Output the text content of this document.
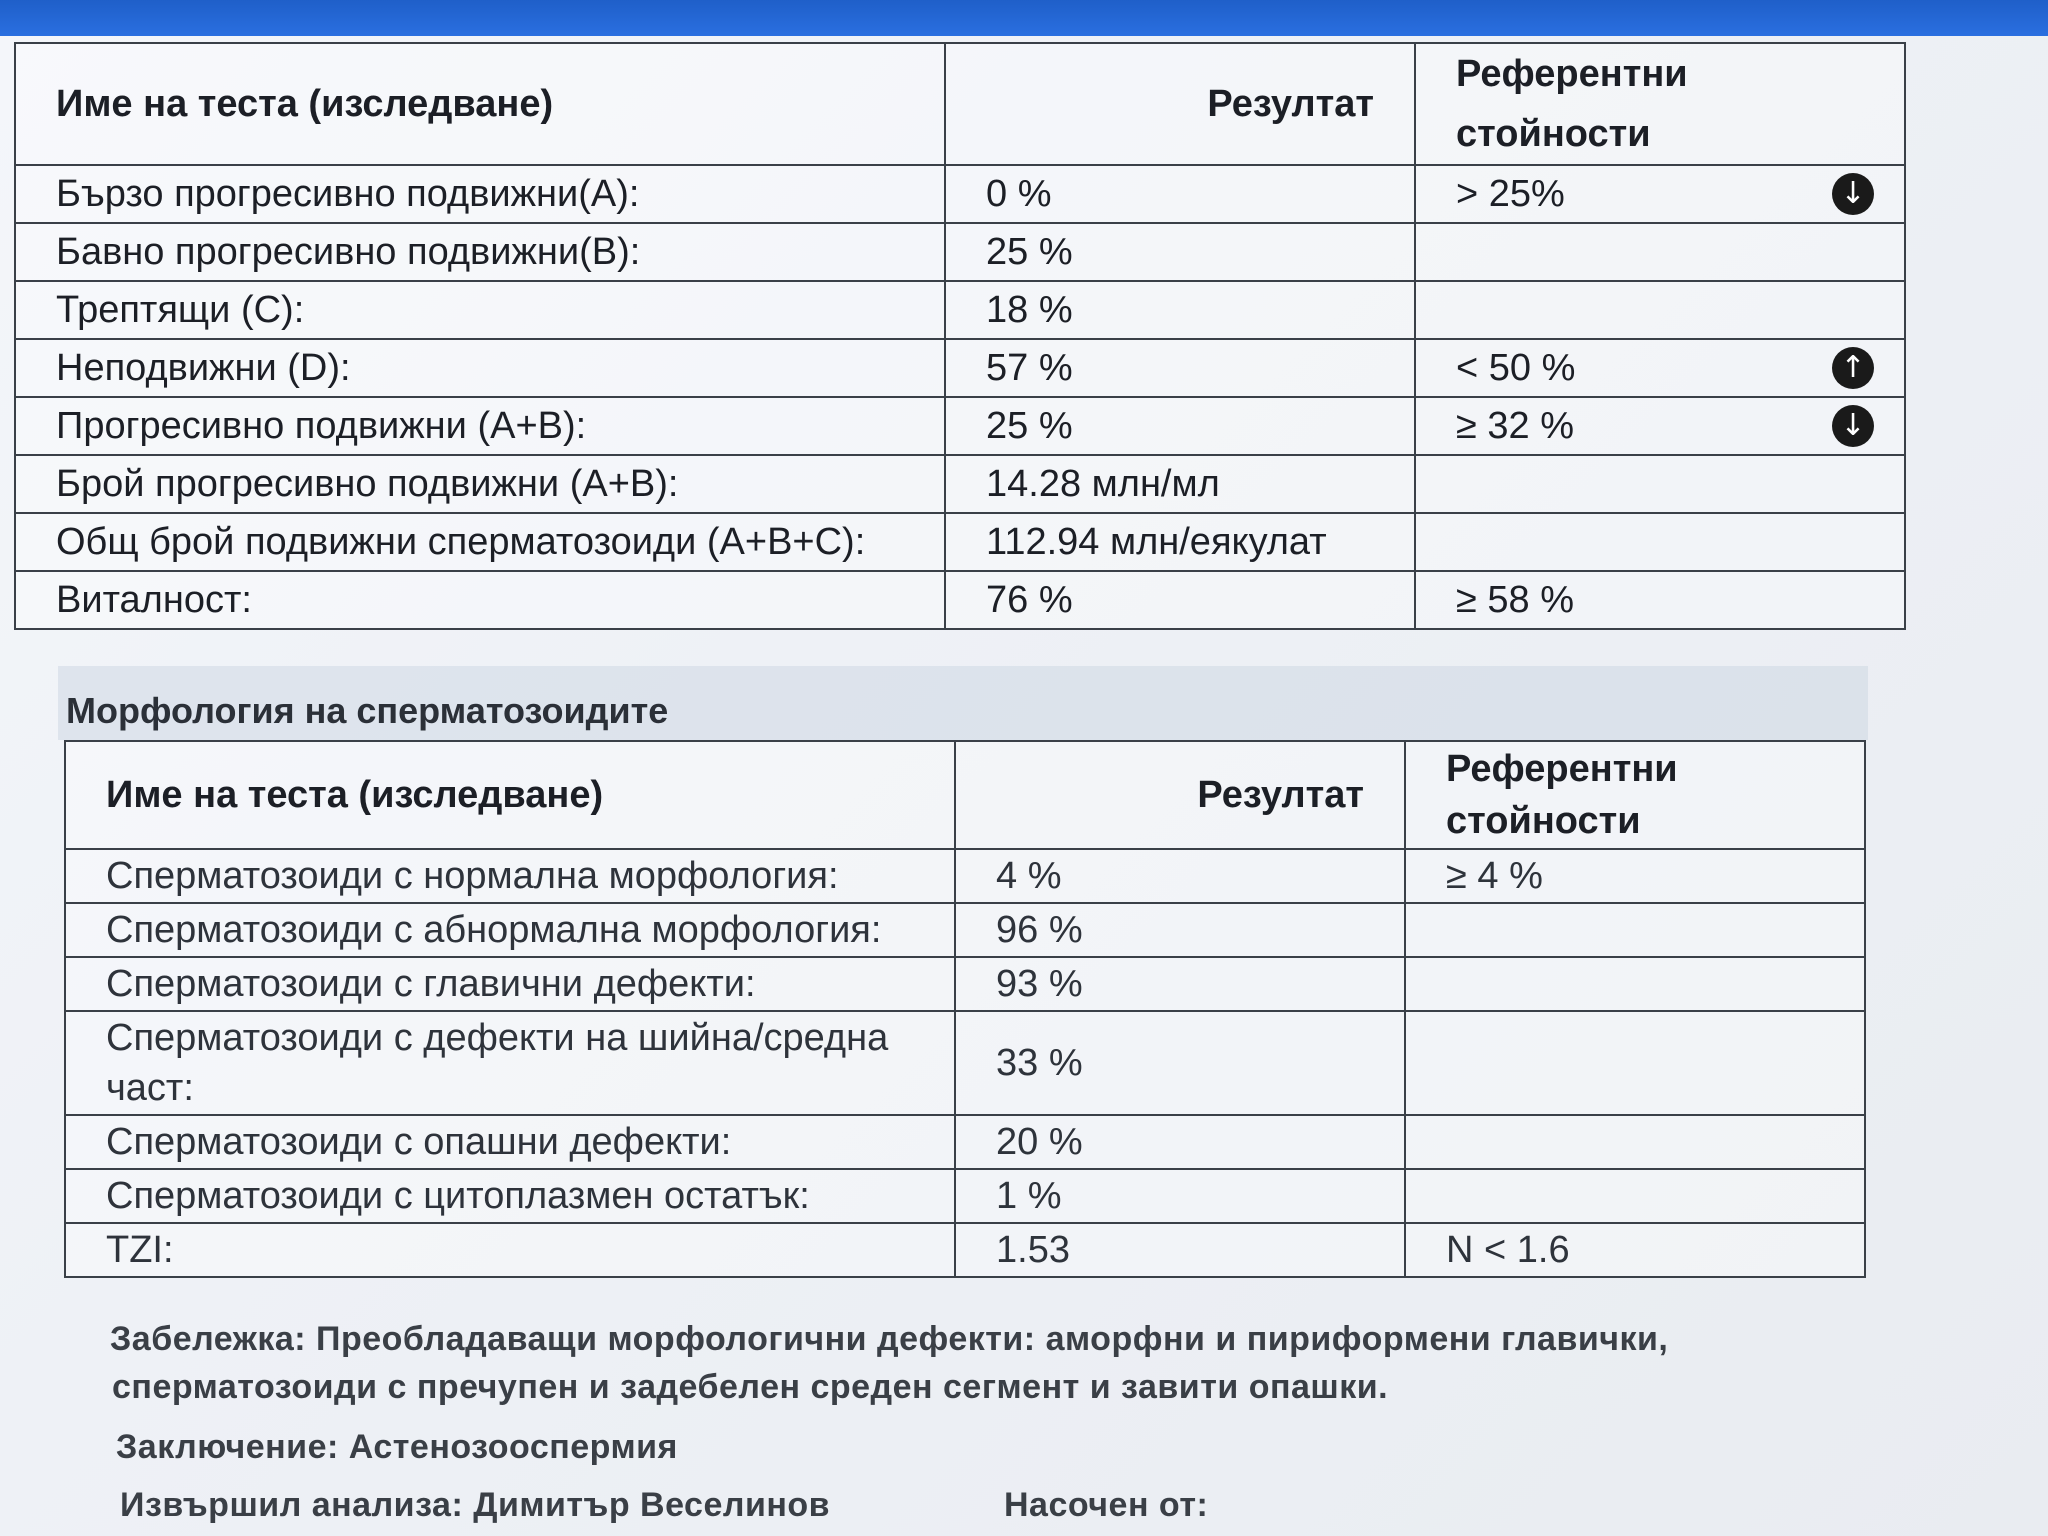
Име на теста (изследване)	Резултат	Референтни
стойности

Бързо прогресивно подвижни(A):	0 %	> 25% ↓

Бавно прогресивно подвижни(B):	25 %	
Трептящи (C):	18 %	
Неподвижни (D):	57 %	< 50 % ↑

Прогресивно подвижни (A+B):	25 %	≥ 32 % ↓

Брой прогресивно подвижни (A+B):	14.28 млн/мл	
Общ брой подвижни сперматозоиди (A+B+C):	112.94 млн/еякулат	
Виталност:	76 %	≥ 58 %
Морфология на сперматозоидите
Име на теста (изследване)	Резултат	Референтни
стойности

Сперматозоиди с нормална морфология:	4 %	≥ 4 %
Сперматозоиди с абнормална морфология:	96 %	
Сперматозоиди с главични дефекти:	93 %	

Сперматозоиди с дефекти на шийна/средна
част:	33 %	
Сперматозоиди с опашни дефекти:	20 %	
Сперматозоиди с цитоплазмен остатък:	1 %	
TZI:	1.53	N < 1.6
Забележка: Преобладаващи морфологични дефекти: аморфни и пириформени главички,
сперматозоиди с пречупен и задебелен среден сегмент и завити опашки.
Заключение: Астенозооспермия
Извършил анализа: Димитър Веселинов	Насочен от:
